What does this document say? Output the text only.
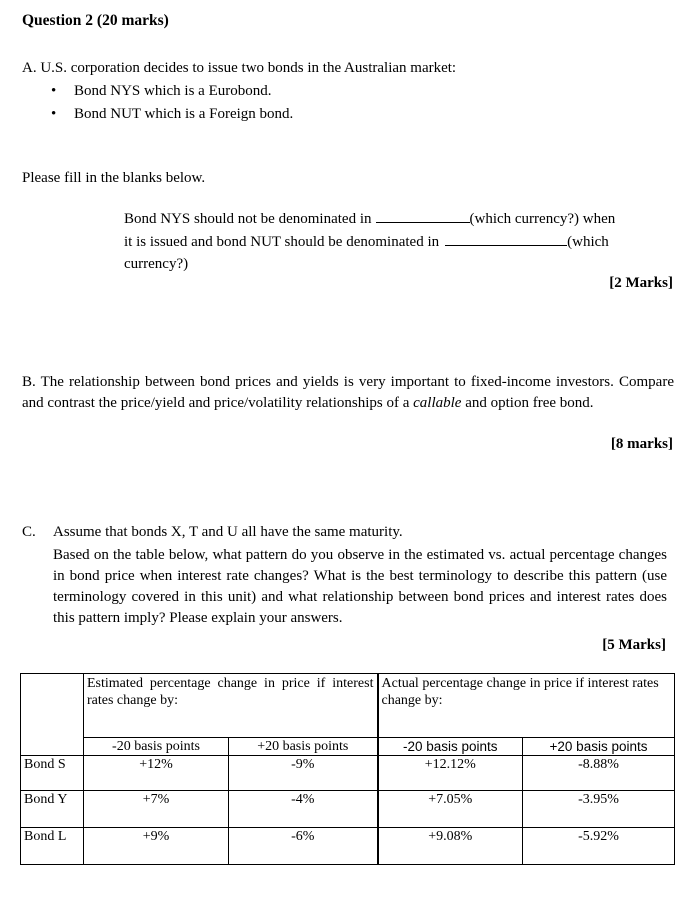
Question 2 (20 marks)
A. U.S. corporation decides to issue two bonds in the Australian market:
• Bond NYS which is a Eurobond.
• Bond NUT which is a Foreign bond.
Please fill in the blanks below.
Bond NYS should not be denominated in	(which currency?) when
it is issued and bond NUT should be denominated in	(which
currency?)
[2 Marks]
B. The relationship between bond prices and yields is very important to fixed-income investors. Compare and contrast the price/yield and price/volatility relationships of a callable and option free bond.
[8 marks]
C. Assume that bonds X, T and U all have the same maturity.
Based on the table below, what pattern do you observe in the estimated vs. actual percentage changes in bond price when interest rate changes? What is the best terminology to describe this pattern (use terminology covered in this unit) and what relationship between bond prices and interest rates does this pattern imply? Please explain your answers.
[5 Marks]
	Estimated percentage change in price if interest rates change by:		Actual percentage change in price if interest rates change by:	
	-20 basis points	+20 basis points	-20 basis points	+20 basis points
Bond S	+12%	-9%	+12.12%	-8.88%
Bond Y	+7%	-4%	+7.05%	-3.95%
Bond L	+9%	-6%	+9.08%	-5.92%
